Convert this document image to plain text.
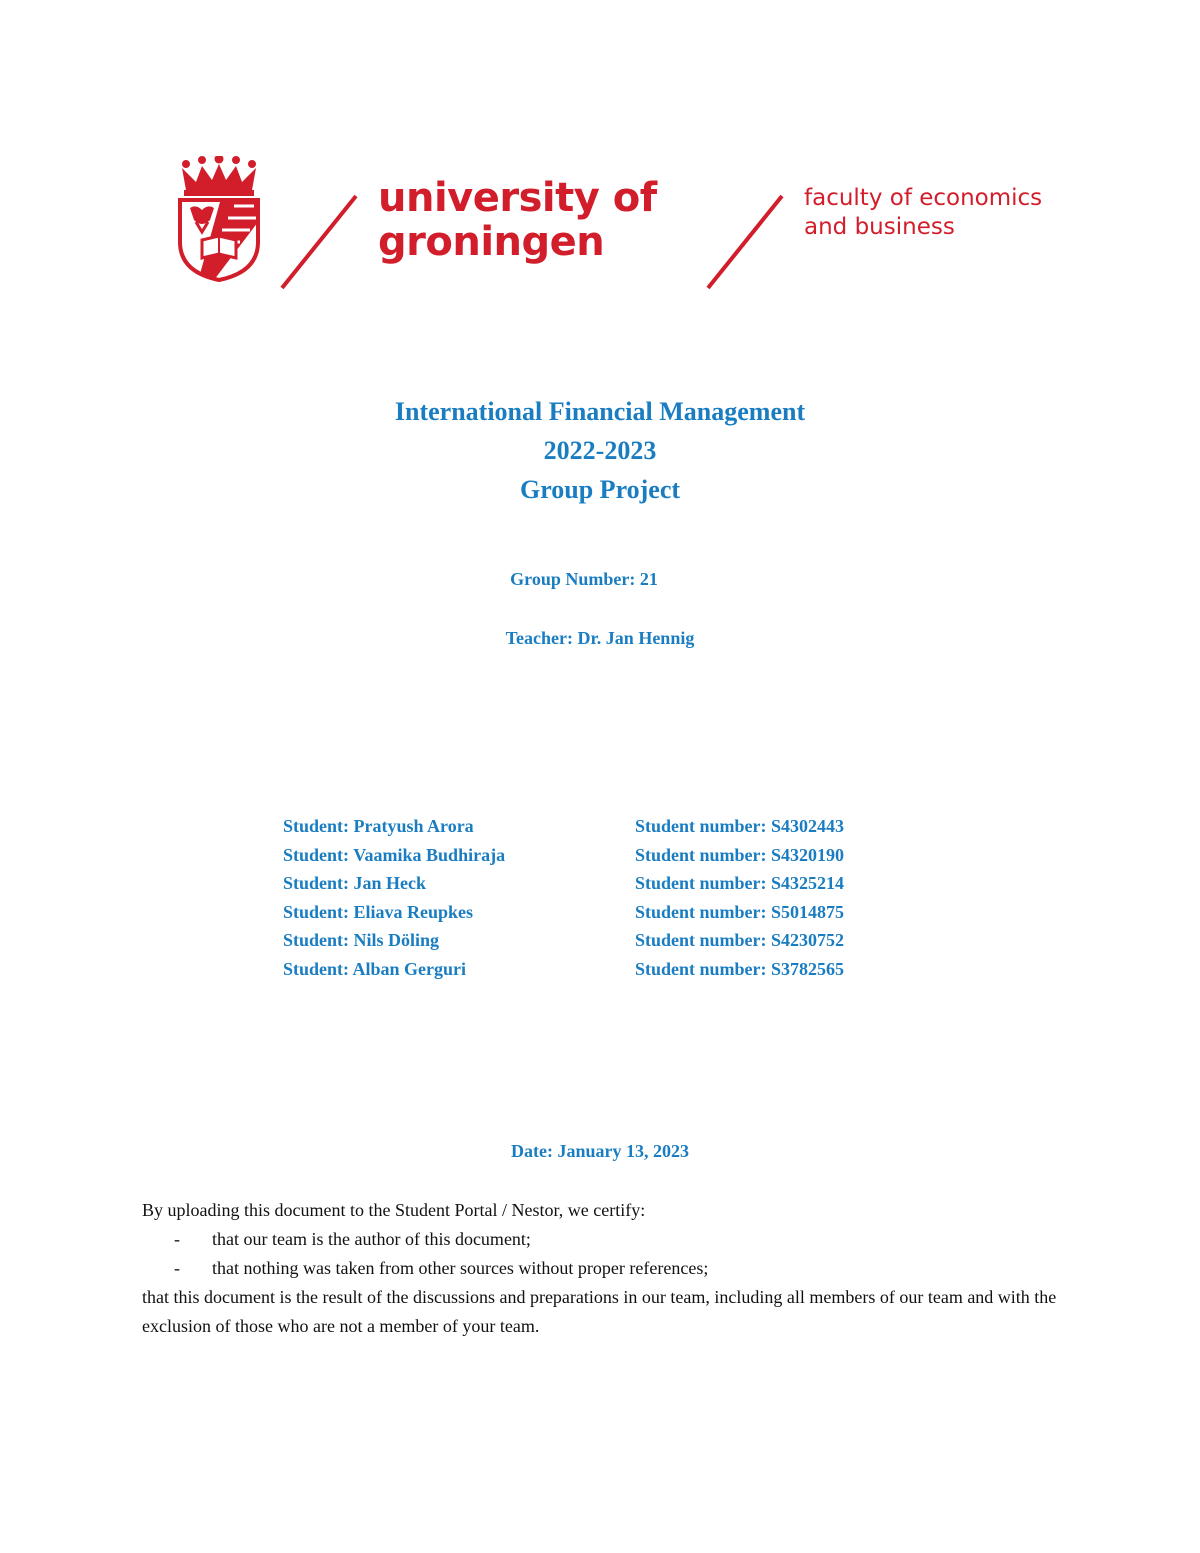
university of
groningen
faculty of economics
and business
International Financial Management
2022-2023
Group Project
Group Number: 21
Teacher: Dr. Jan Hennig
Student: Pratyush Arora	Student number: S4302443
Student: Vaamika Budhiraja	Student number: S4320190
Student: Jan Heck	Student number: S4325214
Student: Eliava Reupkes	Student number: S5014875
Student: Nils Döling	Student number: S4230752
Student: Alban Gerguri	Student number: S3782565
Date: January 13, 2023
By uploading this document to the Student Portal / Nestor, we certify:
- that our team is the author of this document;
- that nothing was taken from other sources without proper references;
that this document is the result of the discussions and preparations in our team, including all members of our team and with the exclusion of those who are not a member of your team.
